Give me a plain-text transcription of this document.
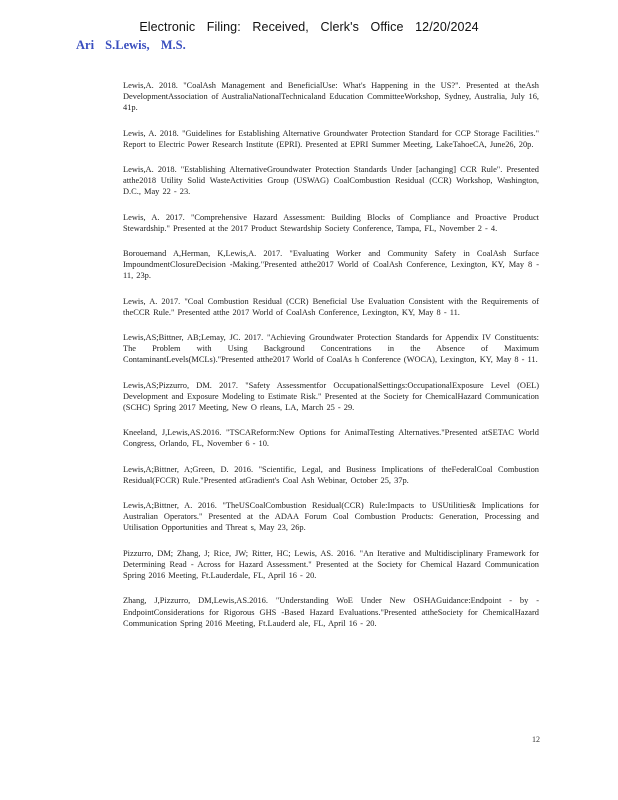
Electronic Filing: Received, Clerk's Office 12/20/2024

Ari S.Lewis, M.S.

Lewis,A. 2018. "CoalAsh Management and BeneficialUse: What's Happening in the US?". Presented at theAsh DevelopmentAssociation of AustraliaNationalTechnicaland Education CommitteeWorkshop, Sydney, Australia, July 16, 41p.
Lewis, A. 2018. "Guidelines for Establishing Alternative Groundwater Protection Standard for CCP Storage Facilities." Report to Electric Power Research Institute (EPRI). Presented at EPRI Summer Meeting, LakeTahoeCA, June26, 20p.
Lewis,A. 2018. "Establishing AlternativeGroundwater Protection Standards Under [achanging] CCR Rule". Presented atthe2018 Utility Solid WasteActivities Group (USWAG) CoalCombustion Residual (CCR) Workshop, Washington, D.C., May 22 - 23.
Lewis, A. 2017. "Comprehensive Hazard Assessment: Building Blocks of Compliance and Proactive Product Stewardship." Presented at the 2017 Product Stewardship Society Conference, Tampa, FL, November 2 - 4.
Borouemand A,Herman, K,Lewis,A. 2017. "Evaluating Worker and Community Safety in CoalAsh Surface ImpoundmentClosureDecision -Making."Presented atthe2017 World of CoalAsh Conference, Lexington, KY, May 8 - 11, 23p.
Lewis, A. 2017. "Coal Combustion Residual (CCR) Beneficial Use Evaluation Consistent with the Requirements of theCCR Rule." Presented atthe 2017 World of CoalAsh Conference, Lexington, KY, May 8 - 11.
Lewis,AS;Bittner, AB;Lemay, JC. 2017. "Achieving Groundwater Protection Standards for Appendix IV Constituents: The Problem with Using Background Concentrations in the Absence of Maximum ContaminantLevels(MCLs)."Presented atthe2017 World of CoalAs h Conference (WOCA), Lexington, KY, May 8 - 11.
Lewis,AS;Pizzurro, DM. 2017. "Safety Assessmentfor OccupationalSettings:OccupationalExposure Level (OEL) Development and Exposure Modeling to Estimate Risk." Presented at the Society for ChemicalHazard Communication (SCHC) Spring 2017 Meeting, New O rleans, LA, March 25 - 29.
Kneeland, J,Lewis,AS.2016. "TSCAReform:New Options for AnimalTesting Alternatives."Presented atSETAC World Congress, Orlando, FL, November 6 - 10.
Lewis,A;Bittner, A;Green, D. 2016. "Scientific, Legal, and Business Implications of theFederalCoal Combustion Residual(FCCR) Rule."Presented atGradient's Coal Ash Webinar, October 25, 37p.
Lewis,A;Bittner, A. 2016. "TheUSCoalCombustion Residual(CCR) Rule:Impacts to USUtilities& Implications for Australian Operators." Presented at the ADAA Forum Coal Combustion Products: Generation, Processing and Utilisation Opportunities and Threat s, May 23, 26p.
Pizzurro, DM; Zhang, J; Rice, JW; Ritter, HC; Lewis, AS. 2016. "An Iterative and Multidisciplinary Framework for Determining Read - Across for Hazard Assessment." Presented at the Society for Chemical Hazard Communication Spring 2016 Meeting, Ft.Lauderdale, FL, April 16 - 20.
Zhang, J,Pizzurro, DM,Lewis,AS.2016. "Understanding WoE Under New OSHAGuidance:Endpoint - by - EndpointConsiderations for Rigorous GHS -Based Hazard Evaluations."Presented attheSociety for ChemicalHazard Communication Spring 2016 Meeting, Ft.Lauderd ale, FL, April 16 - 20.
12
